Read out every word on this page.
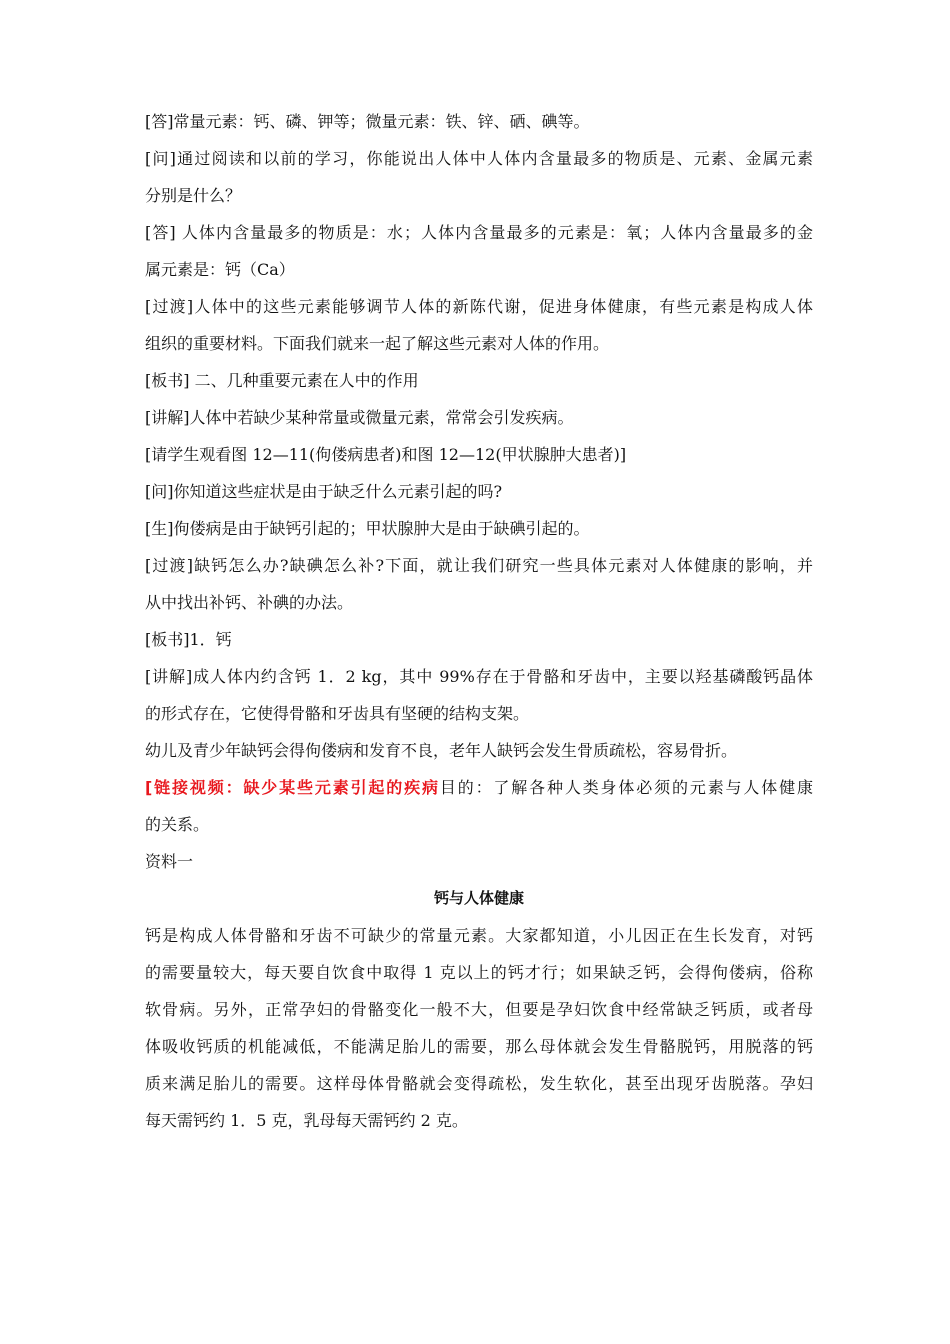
[答]常量元素：钙、磷、钾等；微量元素：铁、锌、硒、碘等。
[问]通过阅读和以前的学习，你能说出人体中人体内含量最多的物质是、元素、金属元素
分别是什么？
[答] 人体内含量最多的物质是：水；人体内含量最多的元素是：氧；人体内含量最多的金
属元素是：钙（Ca）
[过渡]人体中的这些元素能够调节人体的新陈代谢，促进身体健康，有些元素是构成人体
组织的重要材料。下面我们就来一起了解这些元素对人体的作用。
[板书] 二、几种重要元素在人中的作用
[讲解]人体中若缺少某种常量或微量元素，常常会引发疾病。
[请学生观看图 12—11(佝偻病患者)和图 12—12(甲状腺肿大患者)]
[问]你知道这些症状是由于缺乏什么元素引起的吗?
[生]佝偻病是由于缺钙引起的；甲状腺肿大是由于缺碘引起的。
[过渡]缺钙怎么办?缺碘怎么补?下面，就让我们研究一些具体元素对人体健康的影响，并
从中找出补钙、补碘的办法。
[板书]1．钙
[讲解]成人体内约含钙 1．2 kg，其中 99%存在于骨骼和牙齿中，主要以羟基磷酸钙晶体
的形式存在，它使得骨骼和牙齿具有坚硬的结构支架。
幼儿及青少年缺钙会得佝偻病和发育不良，老年人缺钙会发生骨质疏松，容易骨折。
[链接视频：缺少某些元素引起的疾病目的：了解各种人类身体必须的元素与人体健康
的关系。
资料一
钙与人体健康
钙是构成人体骨骼和牙齿不可缺少的常量元素。大家都知道，小儿因正在生长发育，对钙
的需要量较大，每天要自饮食中取得 1 克以上的钙才行；如果缺乏钙，会得佝偻病，俗称
软骨病。另外，正常孕妇的骨骼变化一般不大，但要是孕妇饮食中经常缺乏钙质，或者母
体吸收钙质的机能减低，不能满足胎儿的需要，那么母体就会发生骨骼脱钙，用脱落的钙
质来满足胎儿的需要。这样母体骨骼就会变得疏松，发生软化，甚至出现牙齿脱落。孕妇
每天需钙约 1．5 克，乳母每天需钙约 2 克。
